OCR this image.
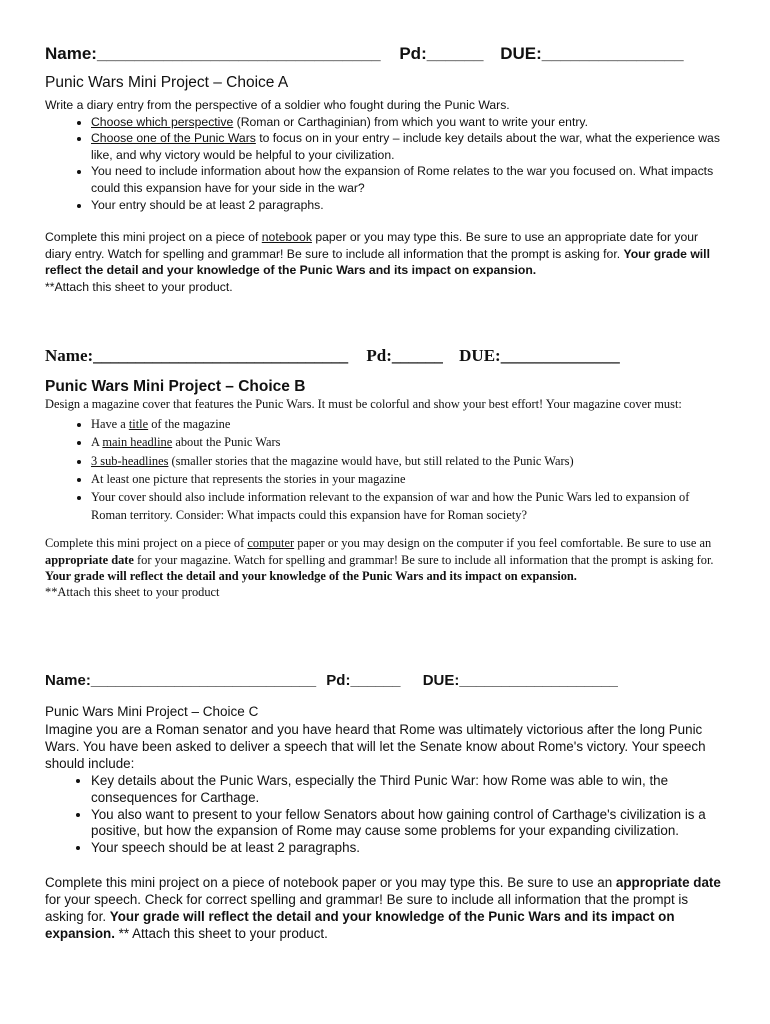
Name:______________________________ Pd:______ DUE:_______________
Punic Wars Mini Project – Choice A

Write a diary entry from the perspective of a soldier who fought during the Punic Wars.

• Choose which perspective (Roman or Carthaginian) from which you want to write your entry.
• Choose one of the Punic Wars to focus on in your entry – include key details about the war, what the experience was like, and why victory would be helpful to your civilization.
• You need to include information about how the expansion of Rome relates to the war you focused on. What impacts could this expansion have for your side in the war?
• Your entry should be at least 2 paragraphs.

Complete this mini project on a piece of notebook paper or you may type this. Be sure to use an appropriate date for your diary entry. Watch for spelling and grammar! Be sure to include all information that the prompt is asking for. Your grade will reflect the detail and your knowledge of the Punic Wars and its impact on expansion.

**Attach this sheet to your product.

Name:______________________________ Pd:______ DUE:______________
Punic Wars Mini Project – Choice B

Design a magazine cover that features the Punic Wars. It must be colorful and show your best effort! Your magazine cover must:

• Have a title of the magazine
• A main headline about the Punic Wars
• 3 sub-headlines (smaller stories that the magazine would have, but still related to the Punic Wars)
• At least one picture that represents the stories in your magazine
• Your cover should also include information relevant to the expansion of war and how the Punic Wars led to expansion of Roman territory. Consider: What impacts could this expansion have for Roman society?

Complete this mini project on a piece of computer paper or you may design on the computer if you feel comfortable. Be sure to use an appropriate date for your magazine. Watch for spelling and grammar! Be sure to include all information that the prompt is asking for. Your grade will reflect the detail and your knowledge of the Punic Wars and its impact on expansion.

**Attach this sheet to your product

Name:___________________________ Pd:______ DUE:___________________
Punic Wars Mini Project – Choice C

Imagine you are a Roman senator and you have heard that Rome was ultimately victorious after the long Punic Wars. You have been asked to deliver a speech that will let the Senate know about Rome's victory. Your speech should include:

• Key details about the Punic Wars, especially the Third Punic War: how Rome was able to win, the consequences for Carthage.
• You also want to present to your fellow Senators about how gaining control of Carthage's civilization is a positive, but how the expansion of Rome may cause some problems for your expanding civilization.
• Your speech should be at least 2 paragraphs.

Complete this mini project on a piece of notebook paper or you may type this. Be sure to use an appropriate date for your speech. Check for correct spelling and grammar! Be sure to include all information that the prompt is asking for. Your grade will reflect the detail and your knowledge of the Punic Wars and its impact on expansion. ** Attach this sheet to your product.
